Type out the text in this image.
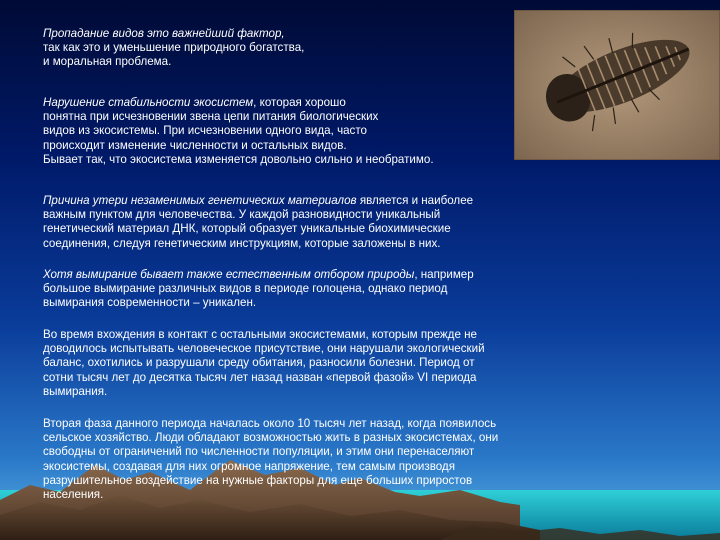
Пропадание видов это важнейший фактор,
так как это и уменьшение природного богатства,
и моральная проблема.
Нарушение стабильности экосистем, которая хорошо
понятна при исчезновении звена цепи питания биологических
видов из экосистемы. При исчезновении одного вида, часто
происходит изменение численности и остальных видов.
Бывает так, что экосистема изменяется довольно сильно и необратимо.
Причина утери незаменимых генетических материалов является и наиболее
важным пунктом для человечества. У каждой разновидности уникальный
генетический материал ДНК, который образует уникальные биохимические
соединения, следуя генетическим инструкциям, которые заложены в них.
Хотя вымирание бывает также естественным отбором природы, например
большое вымирание различных видов в периоде голоцена, однако период
вымирания современности – уникален.
Во время вхождения в контакт с остальными экосистемами, которым прежде не
доводилось испытывать человеческое присутствие, они нарушали экологический
баланс, охотились и разрушали среду обитания, разносили болезни. Период от
сотни тысяч лет до десятка тысяч лет назад назван «первой фазой» VI периода
вымирания.
Вторая фаза данного периода началась около 10 тысяч лет назад, когда появилось
сельское хозяйство. Люди обладают возможностью жить в разных экосистемах, они
свободны от ограничений по численности популяции, и этим они перенаселяют
экосистемы, создавая для них огромное напряжение, тем самым производя
разрушительное воздействие на нужные факторы для еще больших приростов
населения.
